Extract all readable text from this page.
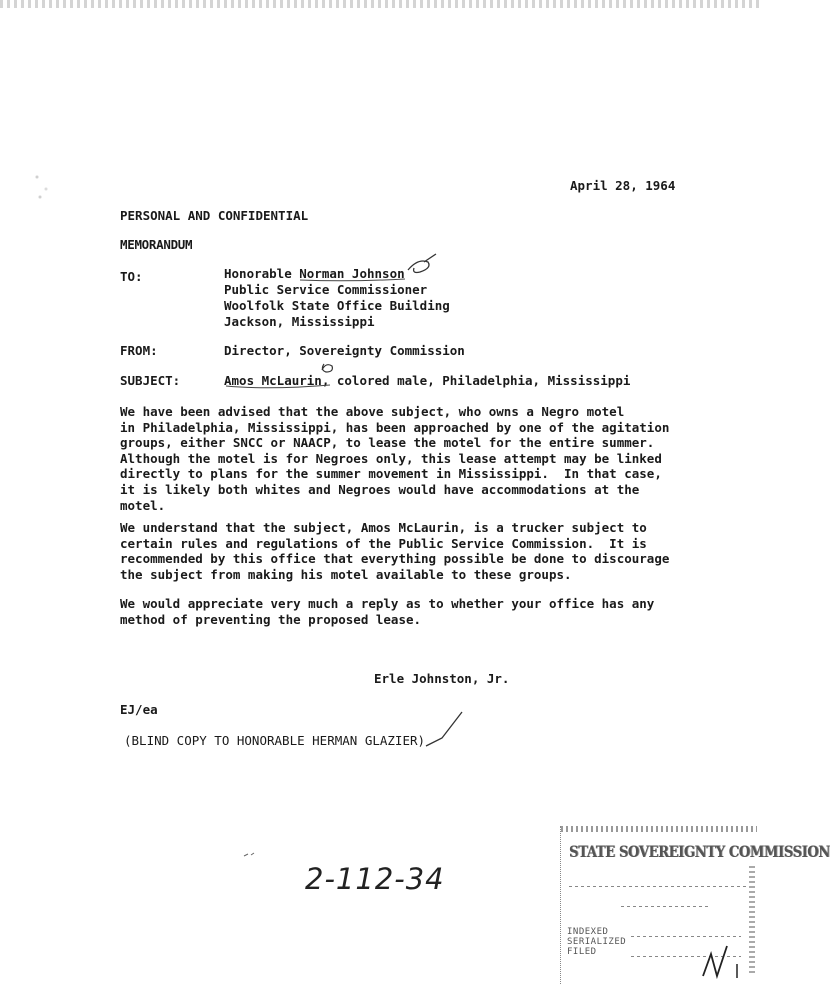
April 28, 1964
PERSONAL AND CONFIDENTIAL
MEMORANDUM
TO:	Honorable Norman Johnson
Public Service Commissioner
Woolfolk State Office Building
Jackson, Mississippi
FROM:	Director, Sovereignty Commission
SUBJECT:	Amos McLaurin, colored male, Philadelphia, Mississippi
We have been advised that the above subject, who owns a Negro motel
in Philadelphia, Mississippi, has been approached by one of the agitation
groups, either SNCC or NAACP, to lease the motel for the entire summer.
Although the motel is for Negroes only, this lease attempt may be linked
directly to plans for the summer movement in Mississippi.  In that case,
it is likely both whites and Negroes would have accommodations at the
motel.
We understand that the subject, Amos McLaurin, is a trucker subject to
certain rules and regulations of the Public Service Commission.  It is
recommended by this office that everything possible be done to discourage
the subject from making his motel available to these groups.
We would appreciate very much a reply as to whether your office has any
method of preventing the proposed lease.
Erle Johnston, Jr.
EJ/ea
(BLIND COPY TO HONORABLE HERMAN GLAZIER)
2-112-34
STATE SOVEREIGNTY COMMISSION
INDEXED
SERIALIZED
FILED
